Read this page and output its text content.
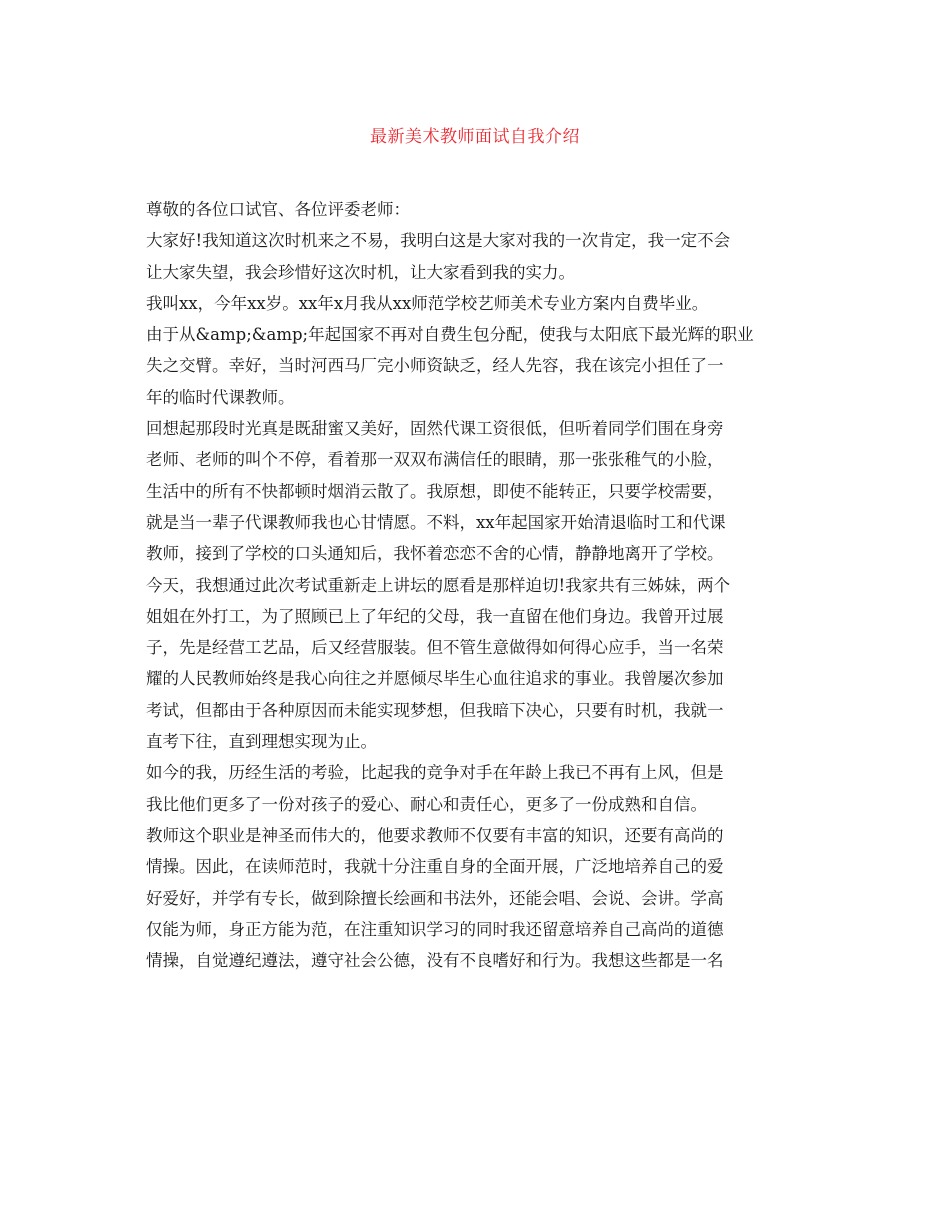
最新美术教师面试自我介绍
尊敬的各位口试官、各位评委老师：
大家好!我知道这次时机来之不易，我明白这是大家对我的一次肯定，我一定不会
让大家失望，我会珍惜好这次时机，让大家看到我的实力。
我叫xx，今年xx岁。xx年x月我从xx师范学校艺师美术专业方案内自费毕业。
由于从&amp;&amp;年起国家不再对自费生包分配，使我与太阳底下最光辉的职业
失之交臂。幸好，当时河西马厂完小师资缺乏，经人先容，我在该完小担任了一
年的临时代课教师。
回想起那段时光真是既甜蜜又美好，固然代课工资很低，但听着同学们围在身旁
老师、老师的叫个不停，看着那一双双布满信任的眼睛，那一张张稚气的小脸，
生活中的所有不快都顿时烟消云散了。我原想，即使不能转正，只要学校需要，
就是当一辈子代课教师我也心甘情愿。不料，xx年起国家开始清退临时工和代课
教师，接到了学校的口头通知后，我怀着恋恋不舍的心情，静静地离开了学校。
今天，我想通过此次考试重新走上讲坛的愿看是那样迫切!我家共有三姊妹，两个
姐姐在外打工，为了照顾已上了年纪的父母，我一直留在他们身边。我曾开过展
子，先是经营工艺品，后又经营服装。但不管生意做得如何得心应手，当一名荣
耀的人民教师始终是我心向往之并愿倾尽毕生心血往追求的事业。我曾屡次参加
考试，但都由于各种原因而未能实现梦想，但我暗下决心，只要有时机，我就一
直考下往，直到理想实现为止。
如今的我，历经生活的考验，比起我的竞争对手在年龄上我已不再有上风，但是
我比他们更多了一份对孩子的爱心、耐心和责任心，更多了一份成熟和自信。
教师这个职业是神圣而伟大的，他要求教师不仅要有丰富的知识，还要有高尚的
情操。因此，在读师范时，我就十分注重自身的全面开展，广泛地培养自己的爱
好爱好，并学有专长，做到除擅长绘画和书法外，还能会唱、会说、会讲。学高
仅能为师，身正方能为范，在注重知识学习的同时我还留意培养自己高尚的道德
情操，自觉遵纪遵法，遵守社会公德，没有不良嗜好和行为。我想这些都是一名
